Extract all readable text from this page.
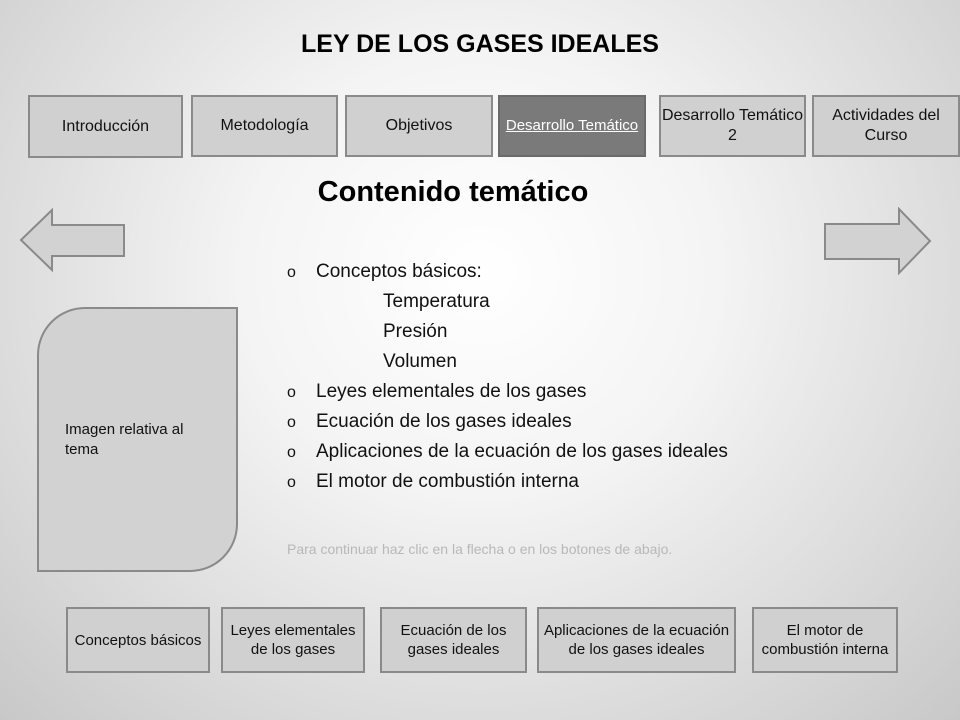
LEY DE LOS GASES IDEALES
Introducción	Metodología	Objetivos	Desarrollo Temático
Desarrollo Temático 2
Actividades del Curso
Contenido temático
Imagen relativa al tema
o Conceptos básicos:
Temperatura
Presión
Volumen
o Leyes elementales de los gases
o Ecuación de los gases ideales
o Aplicaciones de la ecuación de los gases ideales
o El motor de combustión interna
Para continuar haz clic en la flecha o en los botones de abajo.
Conceptos básicos
Leyes elementales de los gases
Ecuación de los gases ideales
Aplicaciones de la ecuación de los gases ideales
El motor de combustión interna
